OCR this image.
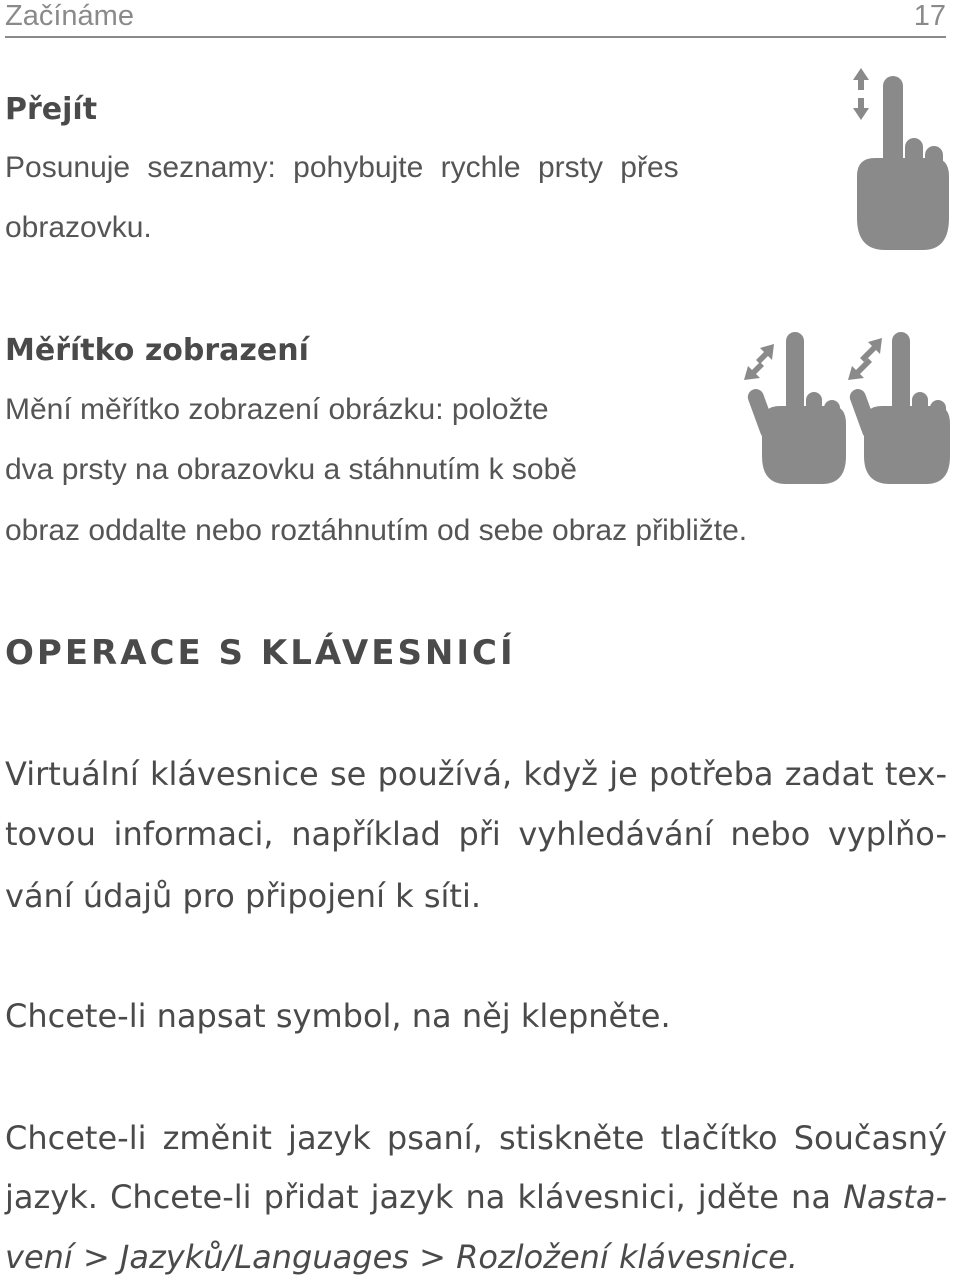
Začínáme	17
Přejít
Posunuje seznamy: pohybujte rychle prsty přes
obrazovku.
Měřítko zobrazení
Mění měřítko zobrazení obrázku: položte
dva prsty na obrazovku a stáhnutím k sobě
obraz oddalte nebo roztáhnutím od sebe obraz přibližte.
OPERACE S KLÁVESNICÍ
Virtuální klávesnice se používá, když je potřeba zadat tex-
tovou informaci, například při vyhledávání nebo vyplňo-
vání údajů pro připojení k síti.
Chcete-li napsat symbol, na něj klepněte.
Chcete-li změnit jazyk psaní, stiskněte tlačítko Současný
jazyk. Chcete-li přidat jazyk na klávesnici, jděte na Nasta-
vení > Jazyků/Languages > Rozložení klávesnice.
